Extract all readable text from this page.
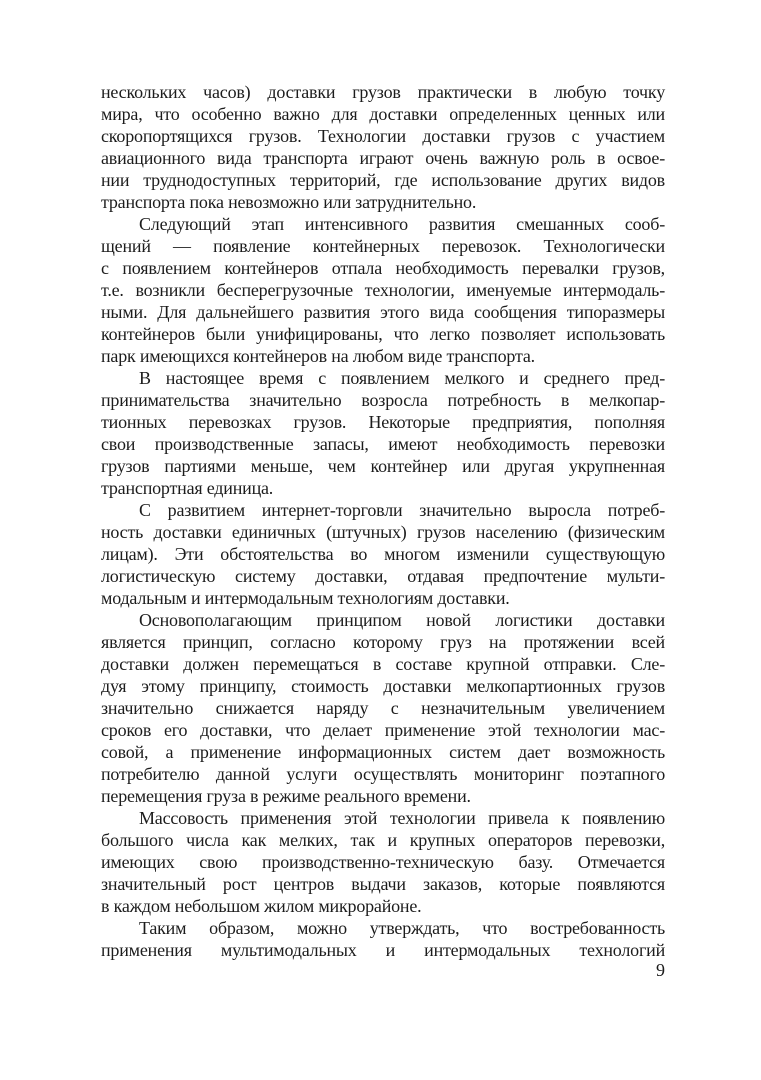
нескольких часов) доставки грузов практически в любую точку
мира, что особенно важно для доставки определенных ценных или
скоропортящихся грузов. Технологии доставки грузов с участием
авиационного вида транспорта играют очень важную роль в освое-
нии труднодоступных территорий, где использование других видов
транспорта пока невозможно или затруднительно.
Следующий этап интенсивного развития смешанных сооб-
щений — появление контейнерных перевозок. Технологически
с появлением контейнеров отпала необходимость перевалки грузов,
т.е. возникли бесперегрузочные технологии, именуемые интермодаль-
ными. Для дальнейшего развития этого вида сообщения типоразмеры
контейнеров были унифицированы, что легко позволяет использовать
парк имеющихся контейнеров на любом виде транспорта.
В настоящее время с появлением мелкого и среднего пред-
принимательства значительно возросла потребность в мелкопар-
тионных перевозках грузов. Некоторые предприятия, пополняя
свои производственные запасы, имеют необходимость перевозки
грузов партиями меньше, чем контейнер или другая укрупненная
транспортная единица.
С развитием интернет-торговли значительно выросла потреб-
ность доставки единичных (штучных) грузов населению (физическим
лицам). Эти обстоятельства во многом изменили существующую
логистическую систему доставки, отдавая предпочтение мульти-
модальным и интермодальным технологиям доставки.
Основополагающим принципом новой логистики доставки
является принцип, согласно которому груз на протяжении всей
доставки должен перемещаться в составе крупной отправки. Сле-
дуя этому принципу, стоимость доставки мелкопартионных грузов
значительно снижается наряду с незначительным увеличением
сроков его доставки, что делает применение этой технологии мас-
совой, а применение информационных систем дает возможность
потребителю данной услуги осуществлять мониторинг поэтапного
перемещения груза в режиме реального времени.
Массовость применения этой технологии привела к появлению
большого числа как мелких, так и крупных операторов перевозки,
имеющих свою производственно-техническую базу. Отмечается
значительный рост центров выдачи заказов, которые появляются
в каждом небольшом жилом микрорайоне.
Таким образом, можно утверждать, что востребованность
применения мультимодальных и интермодальных технологий
9
